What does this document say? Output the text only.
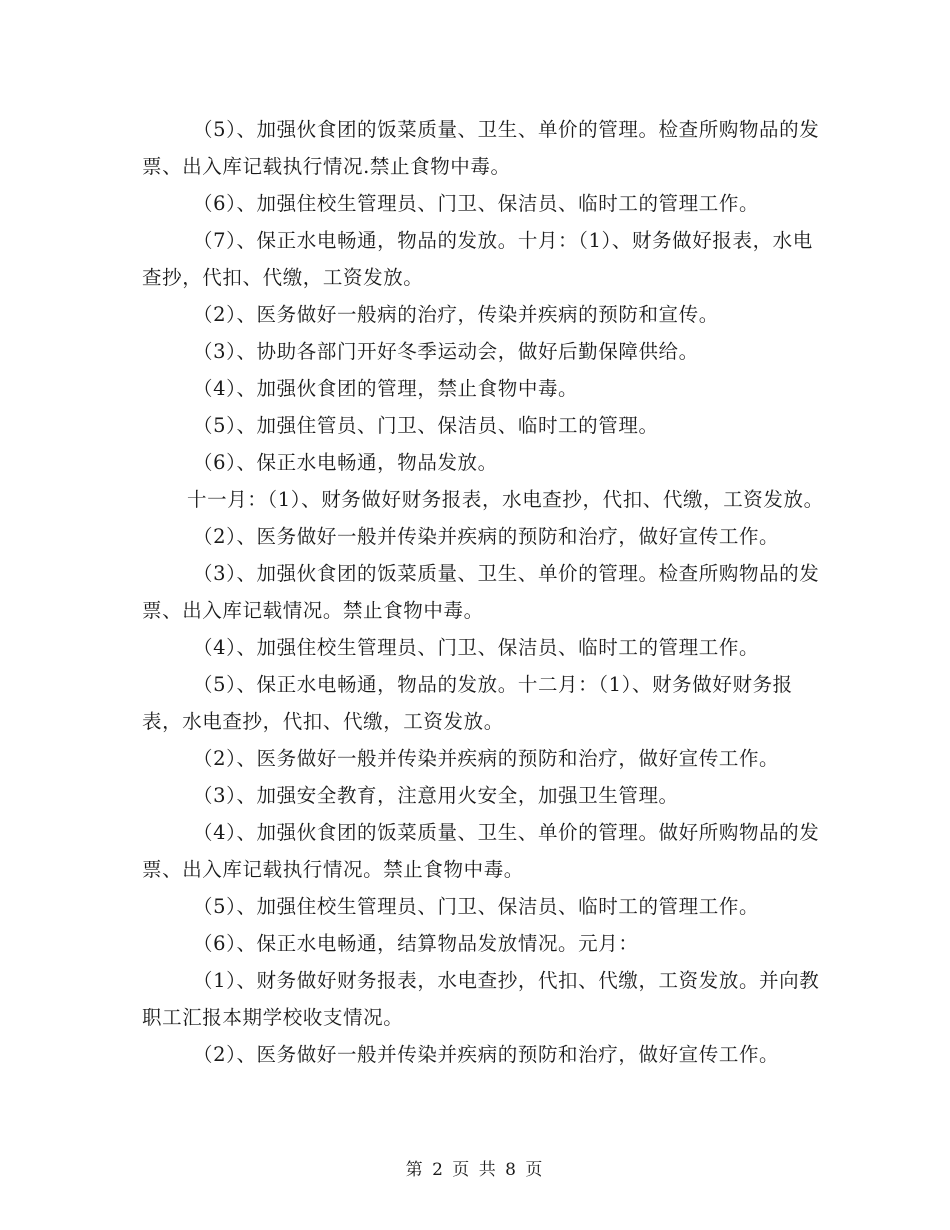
（5）、加强伙食团的饭菜质量、卫生、单价的管理。检查所购物品的发票、出入库记载执行情况.禁止食物中毒。

（6）、加强住校生管理员、门卫、保洁员、临时工的管理工作。

（7）、保正水电畅通，物品的发放。十月：（1）、财务做好报表，水电查抄，代扣、代缴，工资发放。

（2）、医务做好一般病的治疗，传染并疾病的预防和宣传。

（3）、协助各部门开好冬季运动会，做好后勤保障供给。

（4）、加强伙食团的管理，禁止食物中毒。

（5）、加强住管员、门卫、保洁员、临时工的管理。

（6）、保正水电畅通，物品发放。

十一月：（1）、财务做好财务报表，水电查抄，代扣、代缴，工资发放。

（2）、医务做好一般并传染并疾病的预防和治疗，做好宣传工作。

（3）、加强伙食团的饭菜质量、卫生、单价的管理。检查所购物品的发票、出入库记载情况。禁止食物中毒。

（4）、加强住校生管理员、门卫、保洁员、临时工的管理工作。

（5）、保正水电畅通，物品的发放。十二月：（1）、财务做好财务报表，水电查抄，代扣、代缴，工资发放。

（2）、医务做好一般并传染并疾病的预防和治疗，做好宣传工作。

（3）、加强安全教育，注意用火安全，加强卫生管理。

（4）、加强伙食团的饭菜质量、卫生、单价的管理。做好所购物品的发票、出入库记载执行情况。禁止食物中毒。

（5）、加强住校生管理员、门卫、保洁员、临时工的管理工作。

（6）、保正水电畅通，结算物品发放情况。元月：

（1）、财务做好财务报表，水电查抄，代扣、代缴，工资发放。并向教职工汇报本期学校收支情况。

（2）、医务做好一般并传染并疾病的预防和治疗，做好宣传工作。

第 2 页 共 8 页
